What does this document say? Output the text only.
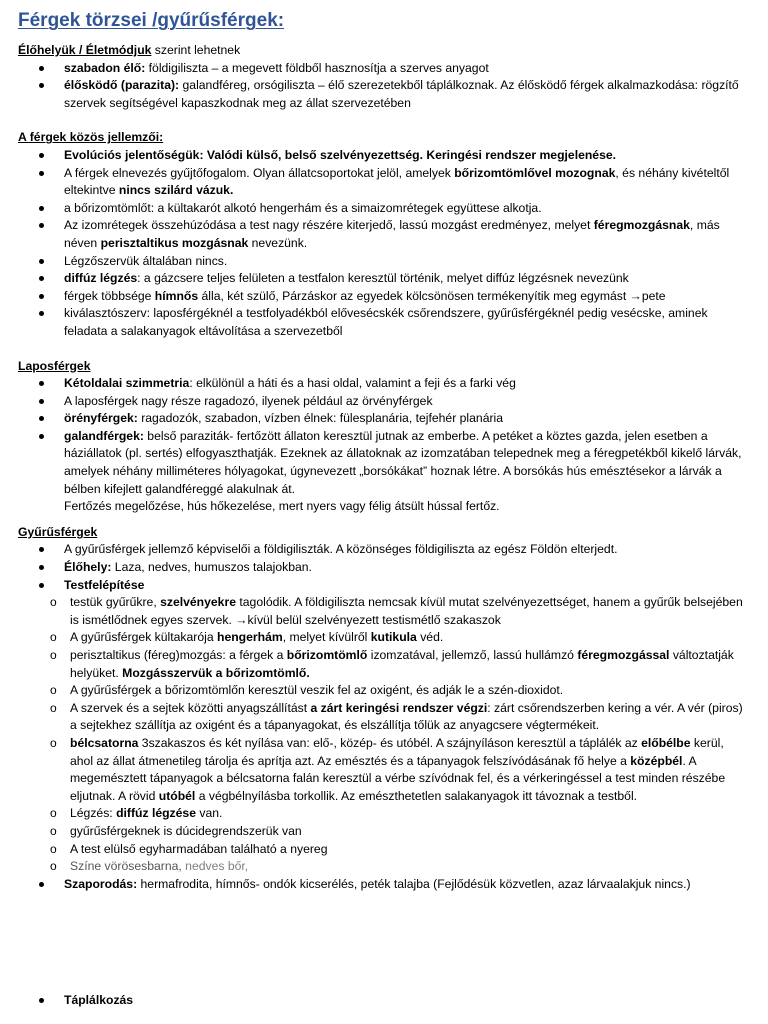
Férgek törzsei /gyűrűsférgek:

Élőhelyük / Életmódjuk szerint lehetnek

szabadon élő: földigiliszta – a megevett földből hasznosítja a szerves anyagot
élősködő (parazita): galandféreg, orsógiliszta – élő szerezetekből táplálkoznak. Az élősködő férgek alkalmazkodása: rögzítő szervek segítségével kapaszkodnak meg az állat szervezetében

A férgek közös jellemzői:

Evolúciós jelentőségük: Valódi külső, belső szelvényezettség. Keringési rendszer megjelenése.
A férgek elnevezés gyűjtőfogalom. Olyan állatcsoportokat jelöl, amelyek bőrizomtömlővel mozognak, és néhány kivételtől eltekintve nincs szilárd vázuk.
a bőrizomtömlőt: a kültakarót alkotó hengerhám és a simaizomrétegek együttese alkotja.
Az izomrétegek összehúzódása a test nagy részére kiterjedő, lassú mozgást eredményez, melyet féregmozgásnak, más néven perisztaltikus mozgásnak nevezünk.
Légzőszervük általában nincs.
diffúz légzés: a gázcsere teljes felületen a testfalon keresztül történik, melyet diffúz légzésnek nevezünk
férgek többsége hímnős álla, két szülő, Párzáskor az egyedek kölcsönösen termékenyítik meg egymást →pete
kiválasztószerv: laposférgéknél a testfolyadékból elővesécskék csőrendszere, gyűrűsférgéknél pedig vesécske, aminek feladata a salakanyagok eltávolítása a szervezetből

Laposférgek

Kétoldalai szimmetria: elkülönül a háti és a hasi oldal, valamint a feji és a farki vég
A laposférgek nagy része ragadozó, ilyenek például az örvényférgek
örényférgek: ragadozók, szabadon, vízben élnek: fülesplanária, tejfehér planária
galandférgek: belső paraziták- fertőzött állaton keresztül jutnak az emberbe. A petéket a köztes gazda, jelen esetben a háziállatok (pl. sertés) elfogyaszthatják. Ezeknek az állatoknak az izomzatában telepednek meg a féregpetékből kikelő lárvák, amelyek néhány milliméteres hólyagokat, úgynevezett „borsókákat” hoznak létre. A borsókás hús emésztésekor a lárvák a bélben kifejlett galandféreggé alakulnak át.
Fertőzés megelőzése, hús hőkezelése, mert nyers vagy félig átsült hússal fertőz.

Gyűrűsférgek

A gyűrűsférgek jellemző képviselői a földigiliszták. A közönséges földigiliszta az egész Földön elterjedt.
Élőhely: Laza, nedves, humuszos talajokban.
Testfelépítése
o testük gyűrűkre, szelvényekre tagolódik. A földigiliszta nemcsak kívül mutat szelvényezettséget, hanem a gyűrűk belsejében is ismétlődnek egyes szervek. →kívül belül szelvényezett testismétlő szakaszok
o A gyűrűsférgek kültakarója hengerhám, melyet kívülről kutikula véd.
o perisztaltikus (féreg)mozgás: a férgek a bőrizomtömlő izomzatával, jellemző, lassú hullámzó féregmozgással változtatják helyüket. Mozgásszervük a bőrizomtömlő.
o A gyűrűsférgek a bőrizomtömlőn keresztül veszik fel az oxigént, és adják le a szén-dioxidot.
o A szervek és a sejtek közötti anyagszállítást a zárt keringési rendszer végzi: zárt csőrendszerben kering a vér. A vér (piros) a sejtekhez szállítja az oxigént és a tápanyagokat, és elszállítja tőlük az anyagcsere végtermékeit.
o bélcsatorna 3szakaszos és két nyílása van: elő-, közép- és utóbél. A szájnyíláson keresztül a táplálék az előbélbe kerül, ahol az állat átmenetileg tárolja és aprítja azt. Az emésztés és a tápanyagok felszívódásának fő helye a középbél. A megemésztett tápanyagok a bélcsatorna falán keresztül a vérbe szívódnak fel, és a vérkeringéssel a test minden részébe eljutnak. A rövid utóbél a végbélnyílásba torkollik. Az emészthetetlen salakanyagok itt távoznak a testből.
o Légzés: diffúz légzése van.
o gyűrűsférgeknek is dúcidegrendszerük van
o A test elülső egyharmadában található a nyereg
o Színe vörösesbarna, nedves bőr,
Szaporodás: hermafrodita, hímnős- ondók kicserélés, peték talajba (Fejlődésük közvetlen, azaz lárvaalakjuk nincs.)
Táplálkozás
